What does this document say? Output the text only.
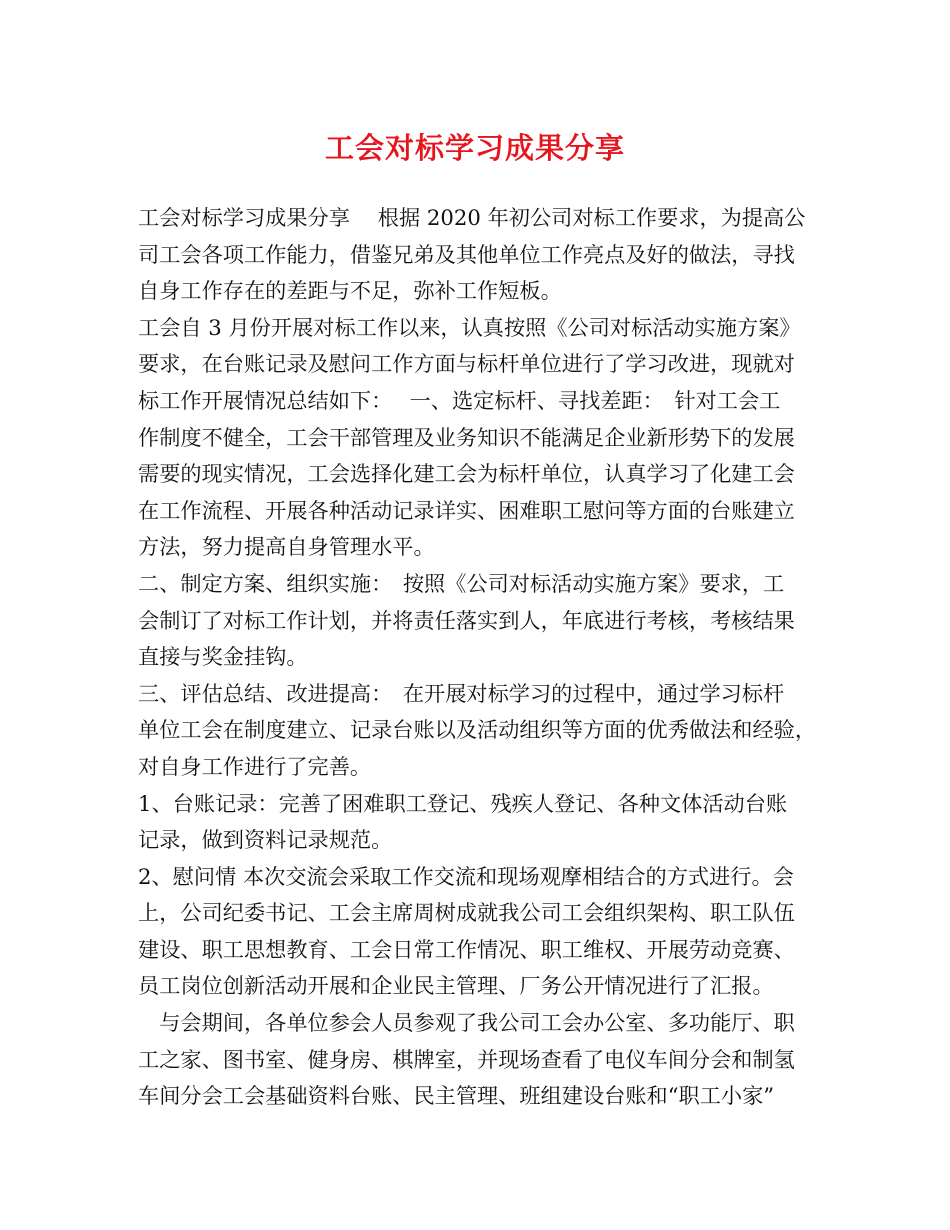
工会对标学习成果分享
工会对标学习成果分享　 根据 2020 年初公司对标工作要求，为提高公
司工会各项工作能力，借鉴兄弟及其他单位工作亮点及好的做法，寻找
自身工作存在的差距与不足，弥补工作短板。
工会自 3 月份开展对标工作以来，认真按照《公司对标活动实施方案》
要求，在台账记录及慰问工作方面与标杆单位进行了学习改进，现就对
标工作开展情况总结如下：　 一、选定标杆、寻找差距：　针对工会工
作制度不健全，工会干部管理及业务知识不能满足企业新形势下的发展
需要的现实情况，工会选择化建工会为标杆单位，认真学习了化建工会
在工作流程、开展各种活动记录详实、困难职工慰问等方面的台账建立
方法，努力提高自身管理水平。
二、制定方案、组织实施：　按照《公司对标活动实施方案》要求，工
会制订了对标工作计划，并将责任落实到人，年底进行考核，考核结果
直接与奖金挂钩。
三、评估总结、改进提高：　在开展对标学习的过程中，通过学习标杆
单位工会在制度建立、记录台账以及活动组织等方面的优秀做法和经验，
对自身工作进行了完善。
1、台账记录：完善了困难职工登记、残疾人登记、各种文体活动台账
记录，做到资料记录规范。
2、慰问情 本次交流会采取工作交流和现场观摩相结合的方式进行。会
上，公司纪委书记、工会主席周树成就我公司工会组织架构、职工队伍
建设、职工思想教育、工会日常工作情况、职工维权、开展劳动竞赛、
员工岗位创新活动开展和企业民主管理、厂务公开情况进行了汇报。
　与会期间，各单位参会人员参观了我公司工会办公室、多功能厅、职
工之家、图书室、健身房、棋牌室，并现场查看了电仪车间分会和制氢
车间分会工会基础资料台账、民主管理、班组建设台账和“职工小家”
